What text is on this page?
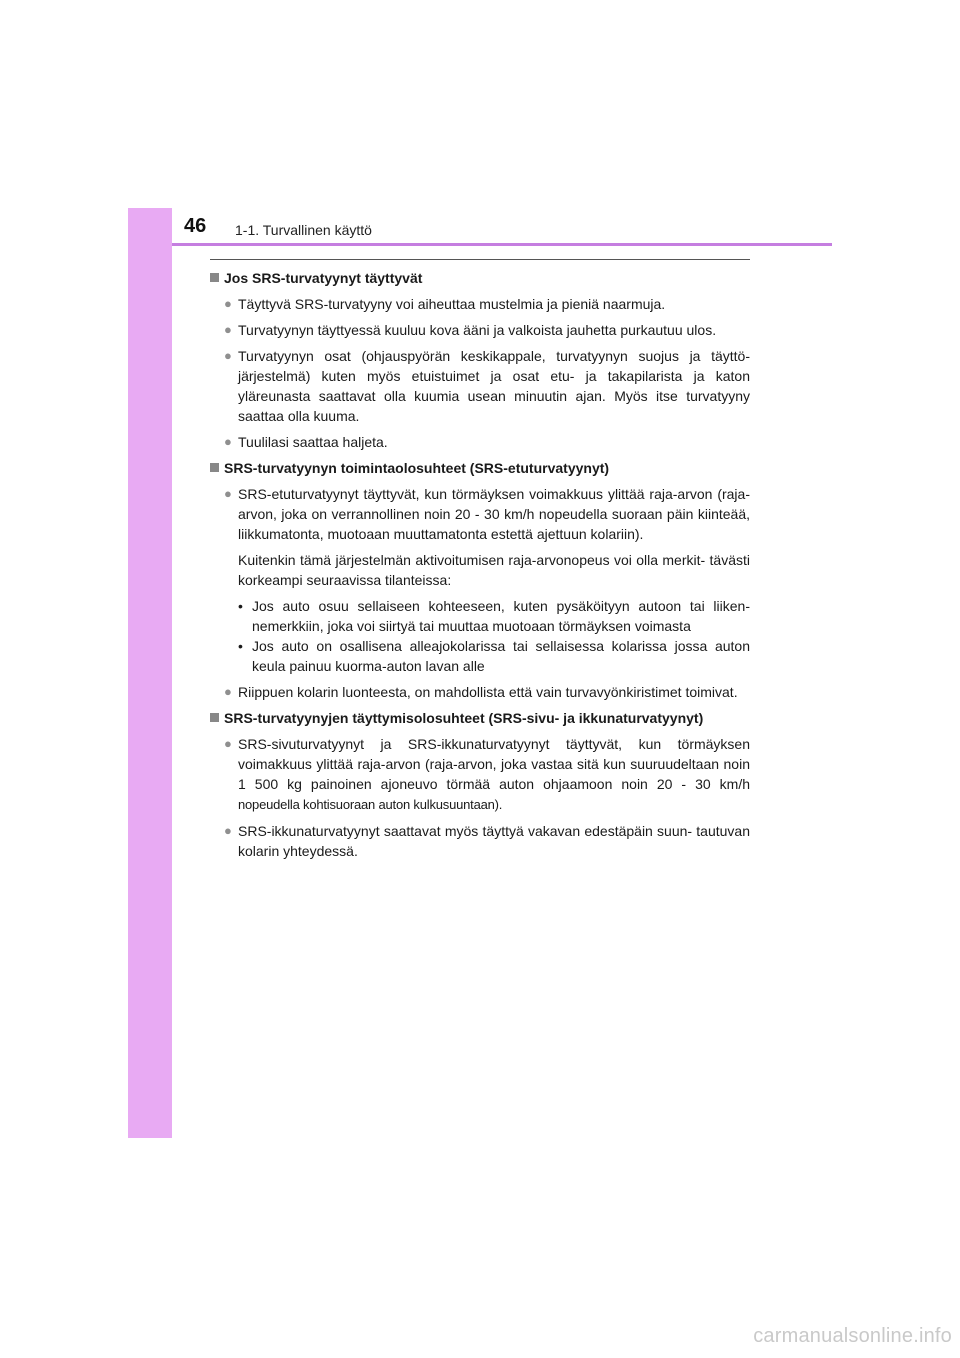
46 1-1. Turvallinen käyttö
Jos SRS-turvatyynyt täyttyvät
● Täyttyvä SRS-turvatyyny voi aiheuttaa mustelmia ja pieniä naarmuja.
● Turvatyynyn täyttyessä kuuluu kova ääni ja valkoista jauhetta purkautuu ulos.
● Turvatyynyn osat (ohjauspyörän keskikappale, turvatyynyn suojus ja täyttö- järjestelmä) kuten myös etuistuimet ja osat etu- ja takapilarista ja katon yläreunasta saattavat olla kuumia usean minuutin ajan. Myös itse turvatyyny saattaa olla kuuma.
● Tuulilasi saattaa haljeta.
SRS-turvatyynyn toimintaolosuhteet (SRS-etuturvatyynyt)
● SRS-etuturvatyynyt täyttyvät, kun törmäyksen voimakkuus ylittää raja-arvon (raja-arvon, joka on verrannollinen noin 20 - 30 km/h nopeudella suoraan päin kiinteää, liikkumatonta, muotoaan muuttamatonta estettä ajettuun kolariin).
Kuitenkin tämä järjestelmän aktivoitumisen raja-arvonopeus voi olla merkit- tävästi korkeampi seuraavissa tilanteissa:
• Jos auto osuu sellaiseen kohteeseen, kuten pysäköityyn autoon tai liiken- nemerkkiin, joka voi siirtyä tai muuttaa muotoaan törmäyksen voimasta
• Jos auto on osallisena alleajokolarissa tai sellaisessa kolarissa jossa auton keula painuu kuorma-auton lavan alle
● Riippuen kolarin luonteesta, on mahdollista että vain turvavyönkiristimet toimivat.
SRS-turvatyynyjen täyttymisolosuhteet (SRS-sivu- ja ikkunaturvatyynyt)
● SRS-sivuturvatyynyt ja SRS-ikkunaturvatyynyt täyttyvät, kun törmäyksen voimakkuus ylittää raja-arvon (raja-arvon, joka vastaa sitä kun suuruudeltaan noin 1 500 kg painoinen ajoneuvo törmää auton ohjaamoon noin 20 - 30 km/h nopeudella kohtisuoraan auton kulkusuuntaan).
● SRS-ikkunaturvatyynyt saattavat myös täyttyä vakavan edestäpäin suun- tautuvan kolarin yhteydessä.
carmanualsonline.info
